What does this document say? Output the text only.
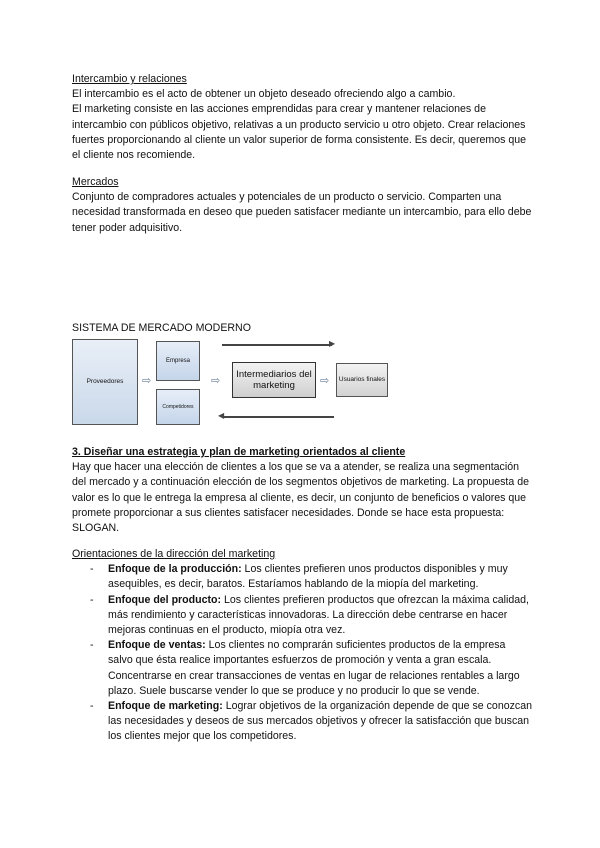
Intercambio y relaciones

El intercambio es el acto de obtener un objeto deseado ofreciendo algo a cambio.

El marketing consiste en las acciones emprendidas para crear y mantener relaciones de intercambio con públicos objetivo, relativas a un producto servicio u otro objeto. Crear relaciones fuertes proporcionando al cliente un valor superior de forma consistente. Es decir, queremos que el cliente nos recomiende.

Mercados

Conjunto de compradores actuales y potenciales de un producto o servicio. Comparten una necesidad transformada en deseo que pueden satisfacer mediante un intercambio, para ello debe tener poder adquisitivo.

SISTEMA DE MERCADO MODERNO

Proveedores	⇨
Empresa
Competidores
⇨
Intermediarios del marketing	⇨	Usuarios finales
▶
◀
3. Diseñar una estrategia y plan de marketing orientados al cliente

Hay que hacer una elección de clientes a los que se va a atender, se realiza una segmentación del mercado y a continuación elección de los segmentos objetivos de marketing. La propuesta de valor es lo que le entrega la empresa al cliente, es decir, un conjunto de beneficios o valores que promete proporcionar a sus clientes satisfacer necesidades. Donde se hace esta propuesta: SLOGAN.

Orientaciones de la dirección del marketing

- Enfoque de la producción: Los clientes prefieren unos productos disponibles y muy asequibles, es decir, baratos. Estaríamos hablando de la miopía del marketing.
- Enfoque del producto: Los clientes prefieren productos que ofrezcan la máxima calidad, más rendimiento y características innovadoras. La dirección debe centrarse en hacer mejoras continuas en el producto, miopía otra vez.
- Enfoque de ventas: Los clientes no comprarán suficientes productos de la empresa salvo que ésta realice importantes esfuerzos de promoción y venta a gran escala. Concentrarse en crear transacciones de ventas en lugar de relaciones rentables a largo plazo. Suele buscarse vender lo que se produce y no producir lo que se vende.
- Enfoque de marketing: Lograr objetivos de la organización depende de que se conozcan las necesidades y deseos de sus mercados objetivos y ofrecer la satisfacción que buscan los clientes mejor que los competidores.
